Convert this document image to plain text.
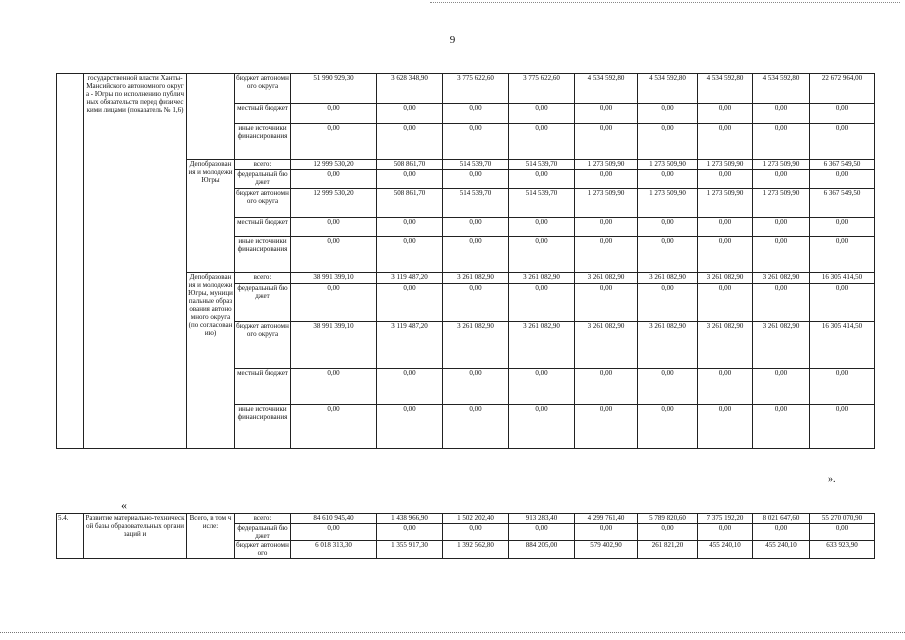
9
	государственной власти Ханты-Мансийского автономного округа - Югры по исполнению публичных обязательств перед физическими лицами (показатель № 1,6)		бюджет автономного округа	51 990 929,30	3 628 348,90	3 775 622,60	3 775 622,60	4 534 592,80	4 534 592,80	4 534 592,80	4 534 592,80	22 672 964,00
			местный бюджет	0,00	0,00	0,00	0,00	0,00	0,00	0,00	0,00	0,00
			иные источники финансирования	0,00	0,00	0,00	0,00	0,00	0,00	0,00	0,00	0,00
		Депобразования и молодежи Югры	всего:	12 999 530,20	508 861,70	514 539,70	514 539,70	1 273 509,90	1 273 509,90	1 273 509,90	1 273 509,90	6 367 549,50
			федеральный бюджет	0,00	0,00	0,00	0,00	0,00	0,00	0,00	0,00	0,00
			бюджет автономного округа	12 999 530,20	508 861,70	514 539,70	514 539,70	1 273 509,90	1 273 509,90	1 273 509,90	1 273 509,90	6 367 549,50
			местный бюджет	0,00	0,00	0,00	0,00	0,00	0,00	0,00	0,00	0,00
			иные источники финансирования	0,00	0,00	0,00	0,00	0,00	0,00	0,00	0,00	0,00
		Депобразования и молодежи Югры, муниципальные образования автономного округа (по согласованию)	всего:	38 991 399,10	3 119 487,20	3 261 082,90	3 261 082,90	3 261 082,90	3 261 082,90	3 261 082,90	3 261 082,90	16 305 414,50
			федеральный бюджет	0,00	0,00	0,00	0,00	0,00	0,00	0,00	0,00	0,00
			бюджет автономного округа	38 991 399,10	3 119 487,20	3 261 082,90	3 261 082,90	3 261 082,90	3 261 082,90	3 261 082,90	3 261 082,90	16 305 414,50
			местный бюджет	0,00	0,00	0,00	0,00	0,00	0,00	0,00	0,00	0,00
			иные источники финансирования	0,00	0,00	0,00	0,00	0,00	0,00	0,00	0,00	0,00
».
«
5.4.	Развитие материально-технической базы образовательных организаций и	Всего, в том числе:	всего:	84 610 945,40	1 438 966,90	1 502 202,40	913 283,40	4 299 761,40	5 789 820,60	7 375 192,20	8 021 647,60	55 270 070,90
			федеральный бюджет	0,00	0,00	0,00	0,00	0,00	0,00	0,00	0,00	0,00
			бюджет автономного	6 018 313,30	1 355 917,30	1 392 562,80	884 205,00	579 402,90	261 821,20	455 240,10	455 240,10	633 923,90
